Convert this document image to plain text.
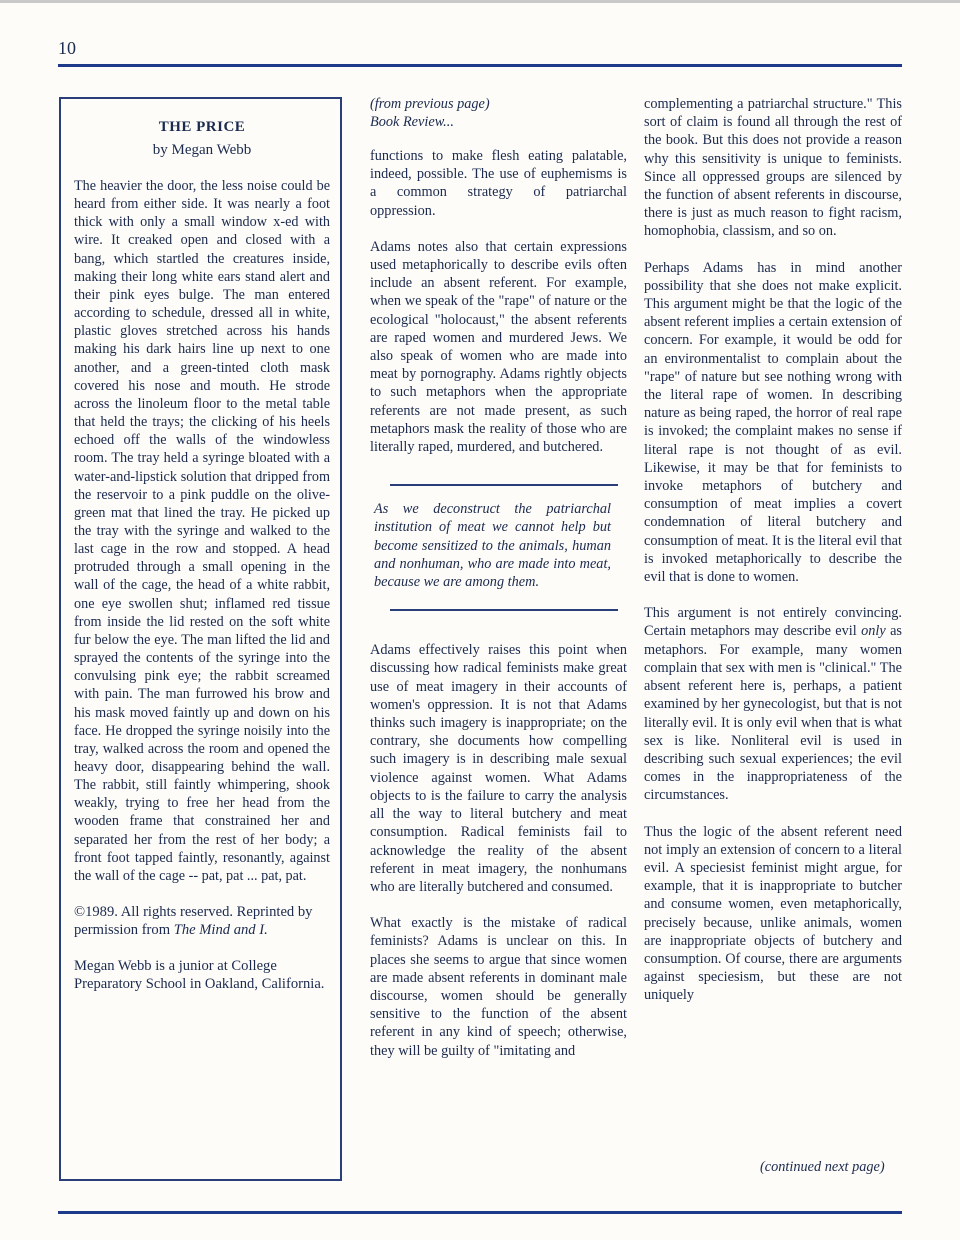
10
THE PRICE
by Megan Webb

The heavier the door, the less noise could be heard from either side. It was nearly a foot thick with only a small window x-ed with wire. It creaked open and closed with a bang, which startled the creatures inside, making their long white ears stand alert and their pink eyes bulge. The man entered according to schedule, dressed all in white, plastic gloves stretched across his hands making his dark hairs line up next to one another, and a green-tinted cloth mask covered his nose and mouth. He strode across the linoleum floor to the metal table that held the trays; the clicking of his heels echoed off the walls of the windowless room. The tray held a syringe bloated with a water-and-lipstick solution that dripped from the reservoir to a pink puddle on the olive-green mat that lined the tray. He picked up the tray with the syringe and walked to the last cage in the row and stopped. A head protruded through a small opening in the wall of the cage, the head of a white rabbit, one eye swollen shut; inflamed red tissue from inside the lid rested on the soft white fur below the eye. The man lifted the lid and sprayed the contents of the syringe into the convulsing pink eye; the rabbit screamed with pain. The man furrowed his brow and his mask moved faintly up and down on his face. He dropped the syringe noisily into the tray, walked across the room and opened the heavy door, disappearing behind the wall. The rabbit, still faintly whimpering, shook weakly, trying to free her head from the wooden frame that constrained her and separated her from the rest of her body; a front foot tapped faintly, resonantly, against the wall of the cage -- pat, pat ... pat, pat.

©1989. All rights reserved. Reprinted by permission from The Mind and I.

Megan Webb is a junior at College Preparatory School in Oakland, California.

(from previous page)
Book Review...

functions to make flesh eating palatable, indeed, possible. The use of euphemisms is a common strategy of patriarchal oppression.

Adams notes also that certain expressions used metaphorically to describe evils often include an absent referent. For example, when we speak of the "rape" of nature or the ecological "holocaust," the absent referents are raped women and murdered Jews. We also speak of women who are made into meat by pornography. Adams rightly objects to such metaphors when the appropriate referents are not made present, as such metaphors mask the reality of those who are literally raped, murdered, and butchered.

As we deconstruct the patriarchal institution of meat we cannot help but become sensitized to the animals, human and nonhuman, who are made into meat, because we are among them.

Adams effectively raises this point when discussing how radical feminists make great use of meat imagery in their accounts of women's oppression. It is not that Adams thinks such imagery is inappropriate; on the contrary, she documents how compelling such imagery is in describing male sexual violence against women. What Adams objects to is the failure to carry the analysis all the way to literal butchery and meat consumption. Radical feminists fail to acknowledge the reality of the absent referent in meat imagery, the nonhumans who are literally butchered and consumed.

What exactly is the mistake of radical feminists? Adams is unclear on this. In places she seems to argue that since women are made absent referents in dominant male discourse, women should be generally sensitive to the function of the absent referent in any kind of speech; otherwise, they will be guilty of "imitating and

complementing a patriarchal structure." This sort of claim is found all through the rest of the book. But this does not provide a reason why this sensitivity is unique to feminists. Since all oppressed groups are silenced by the function of absent referents in discourse, there is just as much reason to fight racism, homophobia, classism, and so on.

Perhaps Adams has in mind another possibility that she does not make explicit. This argument might be that the logic of the absent referent implies a certain extension of concern. For example, it would be odd for an environmentalist to complain about the "rape" of nature but see nothing wrong with the literal rape of women. In describing nature as being raped, the horror of real rape is invoked; the complaint makes no sense if literal rape is not thought of as evil. Likewise, it may be that for feminists to invoke metaphors of butchery and consumption of meat implies a covert condemnation of literal butchery and consumption of meat. It is the literal evil that is invoked metaphorically to describe the evil that is done to women.

This argument is not entirely convincing. Certain metaphors may describe evil only as metaphors. For example, many women complain that sex with men is "clinical." The absent referent here is, perhaps, a patient examined by her gynecologist, but that is not literally evil. It is only evil when that is what sex is like. Nonliteral evil is used in describing such sexual experiences; the evil comes in the inappropriateness of the circumstances.

Thus the logic of the absent referent need not imply an extension of concern to a literal evil. A speciesist feminist might argue, for example, that it is inappropriate to butcher and consume women, even metaphorically, precisely because, unlike animals, women are inappropriate objects of butchery and consumption. Of course, there are arguments against speciesism, but these are not uniquely

(continued next page)
